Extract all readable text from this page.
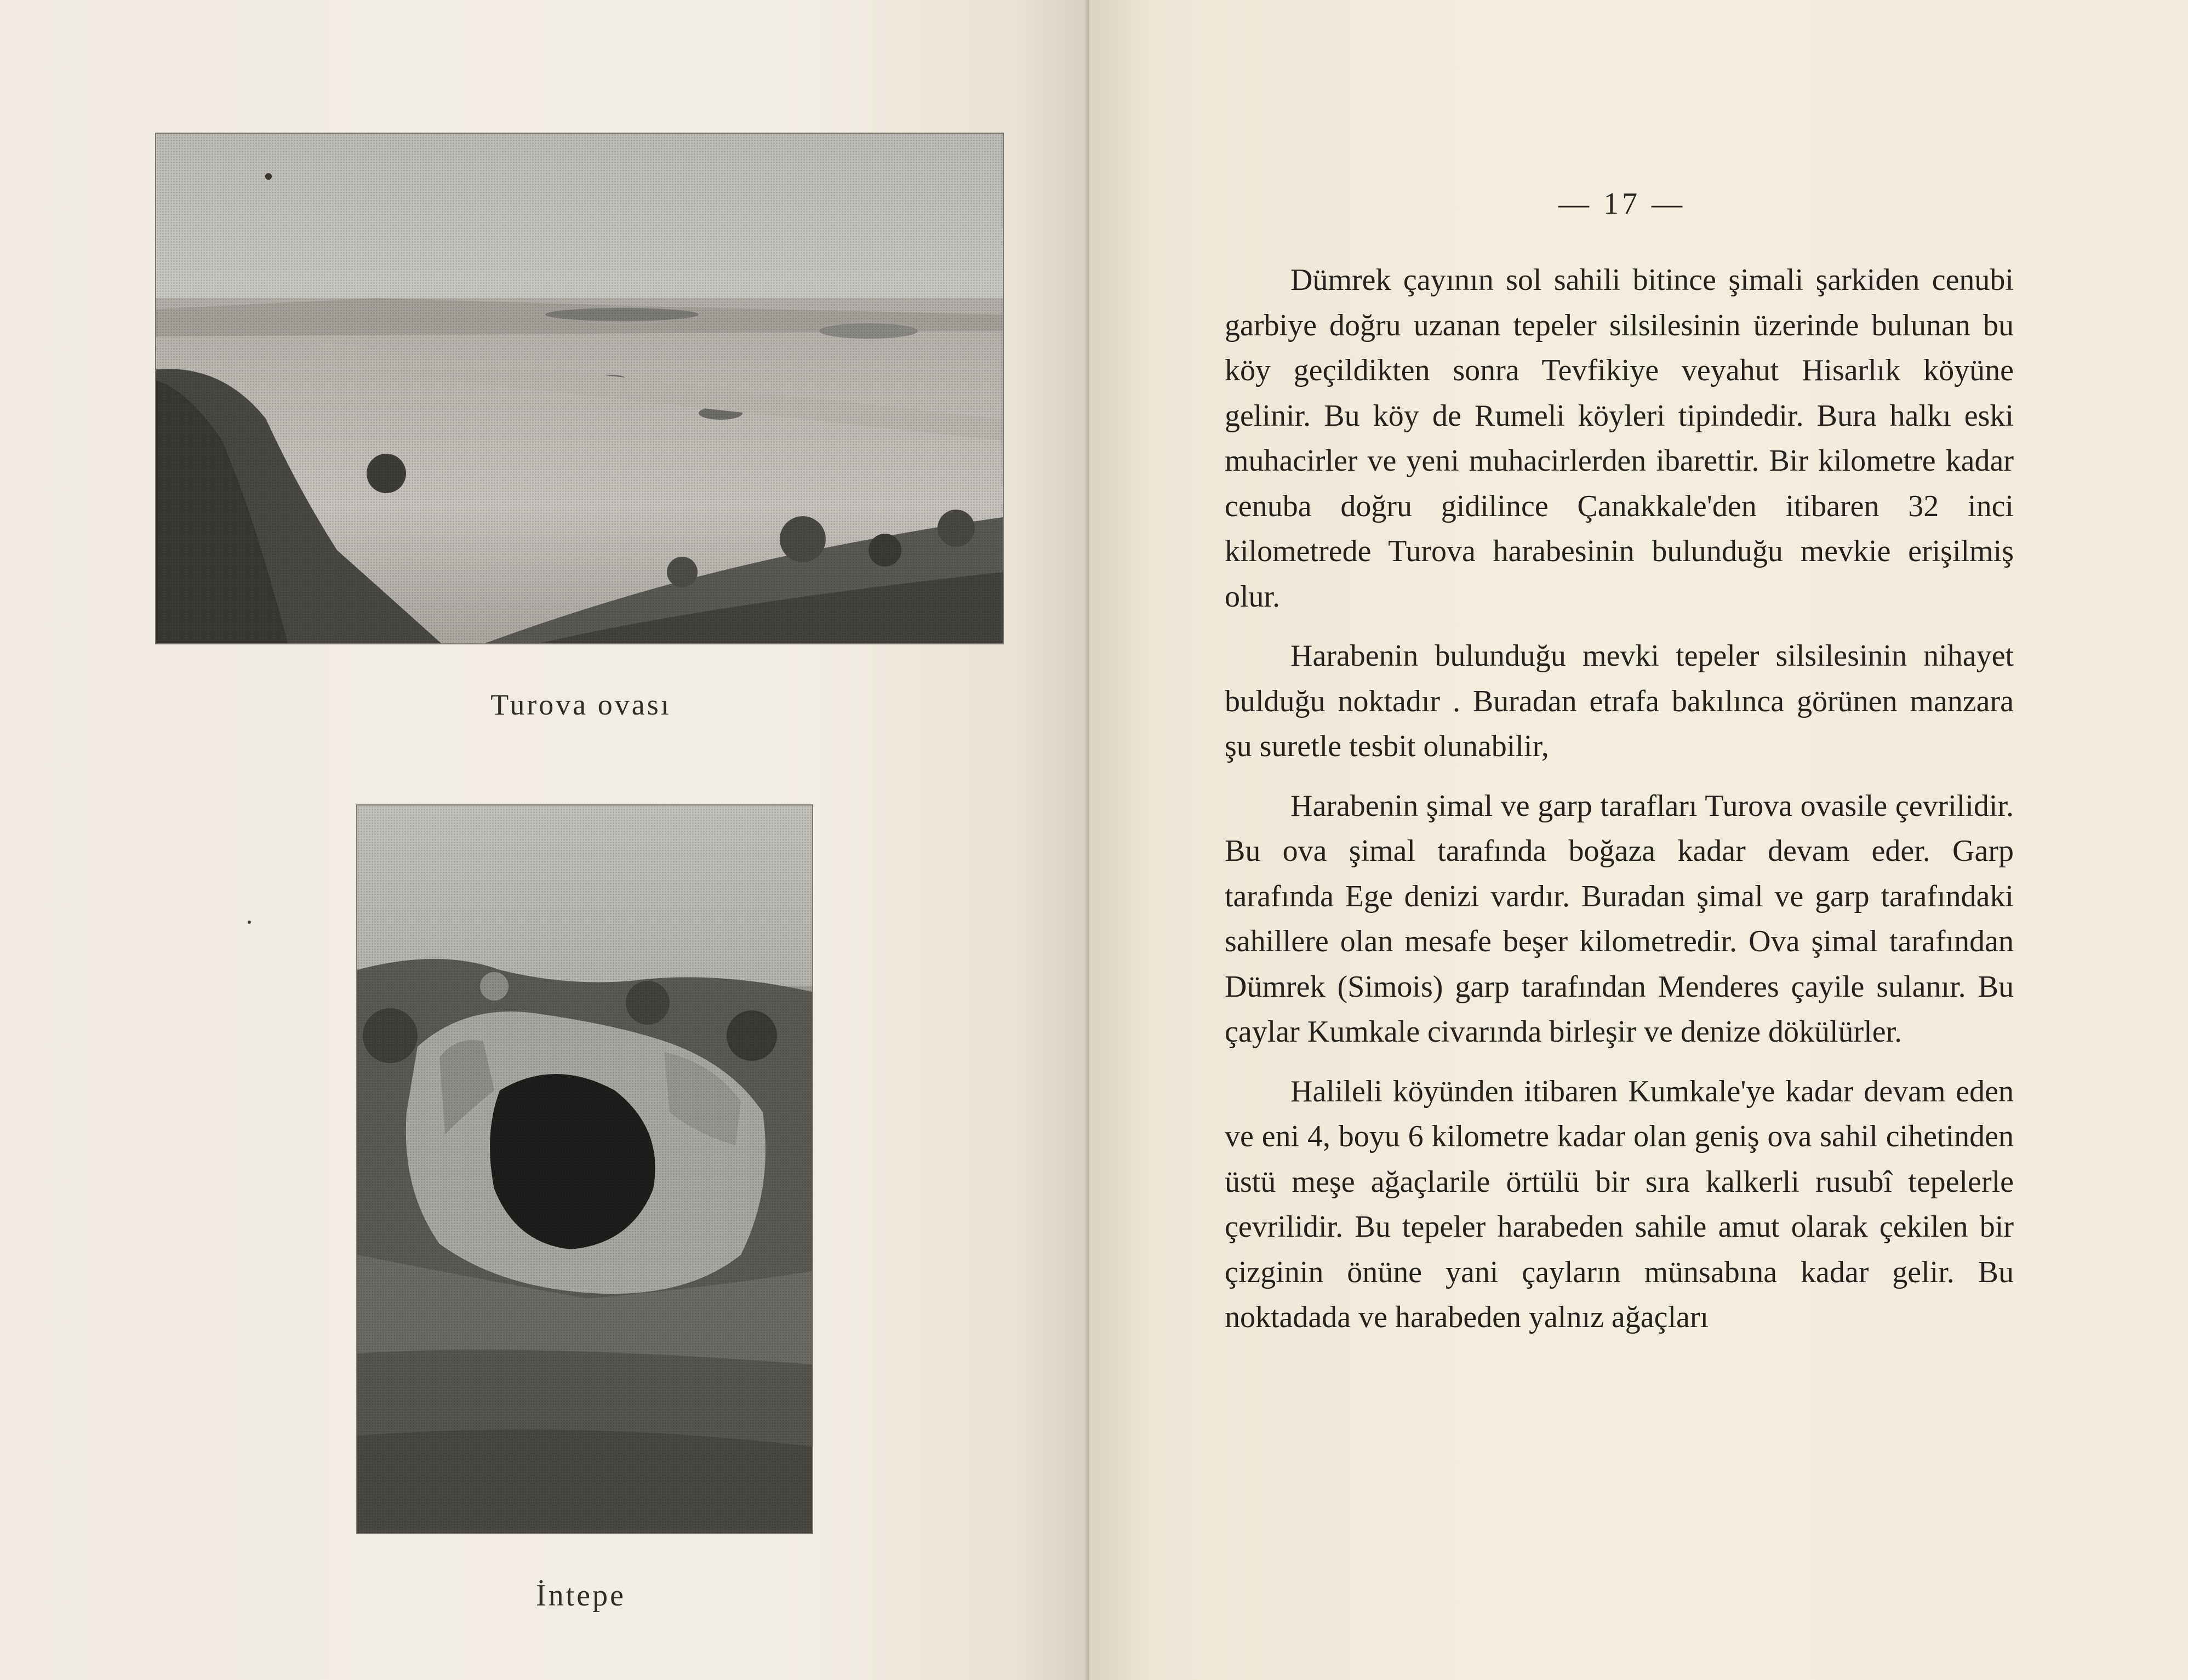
Turova ovası
İntepe
— 17 —

Dümrek çayının sol sahili bitince şimali şarkiden cenubi garbiye doğru uzanan tepeler silsilesinin üzerinde bulunan bu köy geçildikten sonra Tevfikiye veyahut Hisarlık köyüne gelinir. Bu köy de Rumeli köyleri tipindedir. Bura halkı eski muhacirler ve yeni muhacirlerden ibarettir. Bir kilometre kadar cenuba doğru gidilince Çanakkale'den itibaren 32 inci kilometrede Turova harabesinin bulunduğu mevkie erişilmiş olur.

Harabenin bulunduğu mevki tepeler silsilesinin nihayet bulduğu noktadır . Buradan etrafa bakılınca görünen manzara şu suretle tesbit olunabilir,

Harabenin şimal ve garp tarafları Turova ovasile çevrilidir. Bu ova şimal tarafında boğaza kadar devam eder. Garp tarafında Ege denizi vardır. Buradan şimal ve garp tarafındaki sahillere olan mesafe beşer kilometredir. Ova şimal tarafından Dümrek (Simois) garp tarafından Menderes çayile sulanır. Bu çaylar Kumkale civarında birleşir ve denize dökülürler.

Halileli köyünden itibaren Kumkale'ye kadar devam eden ve eni 4, boyu 6 kilometre kadar olan geniş ova sahil cihetinden üstü meşe ağaçlarile örtülü bir sıra kalkerli rusubî tepelerle çevrilidir. Bu tepeler harabeden sahile amut olarak çekilen bir çizginin önüne yani çayların münsabına kadar gelir. Bu noktadada ve harabeden yalnız ağaçları
